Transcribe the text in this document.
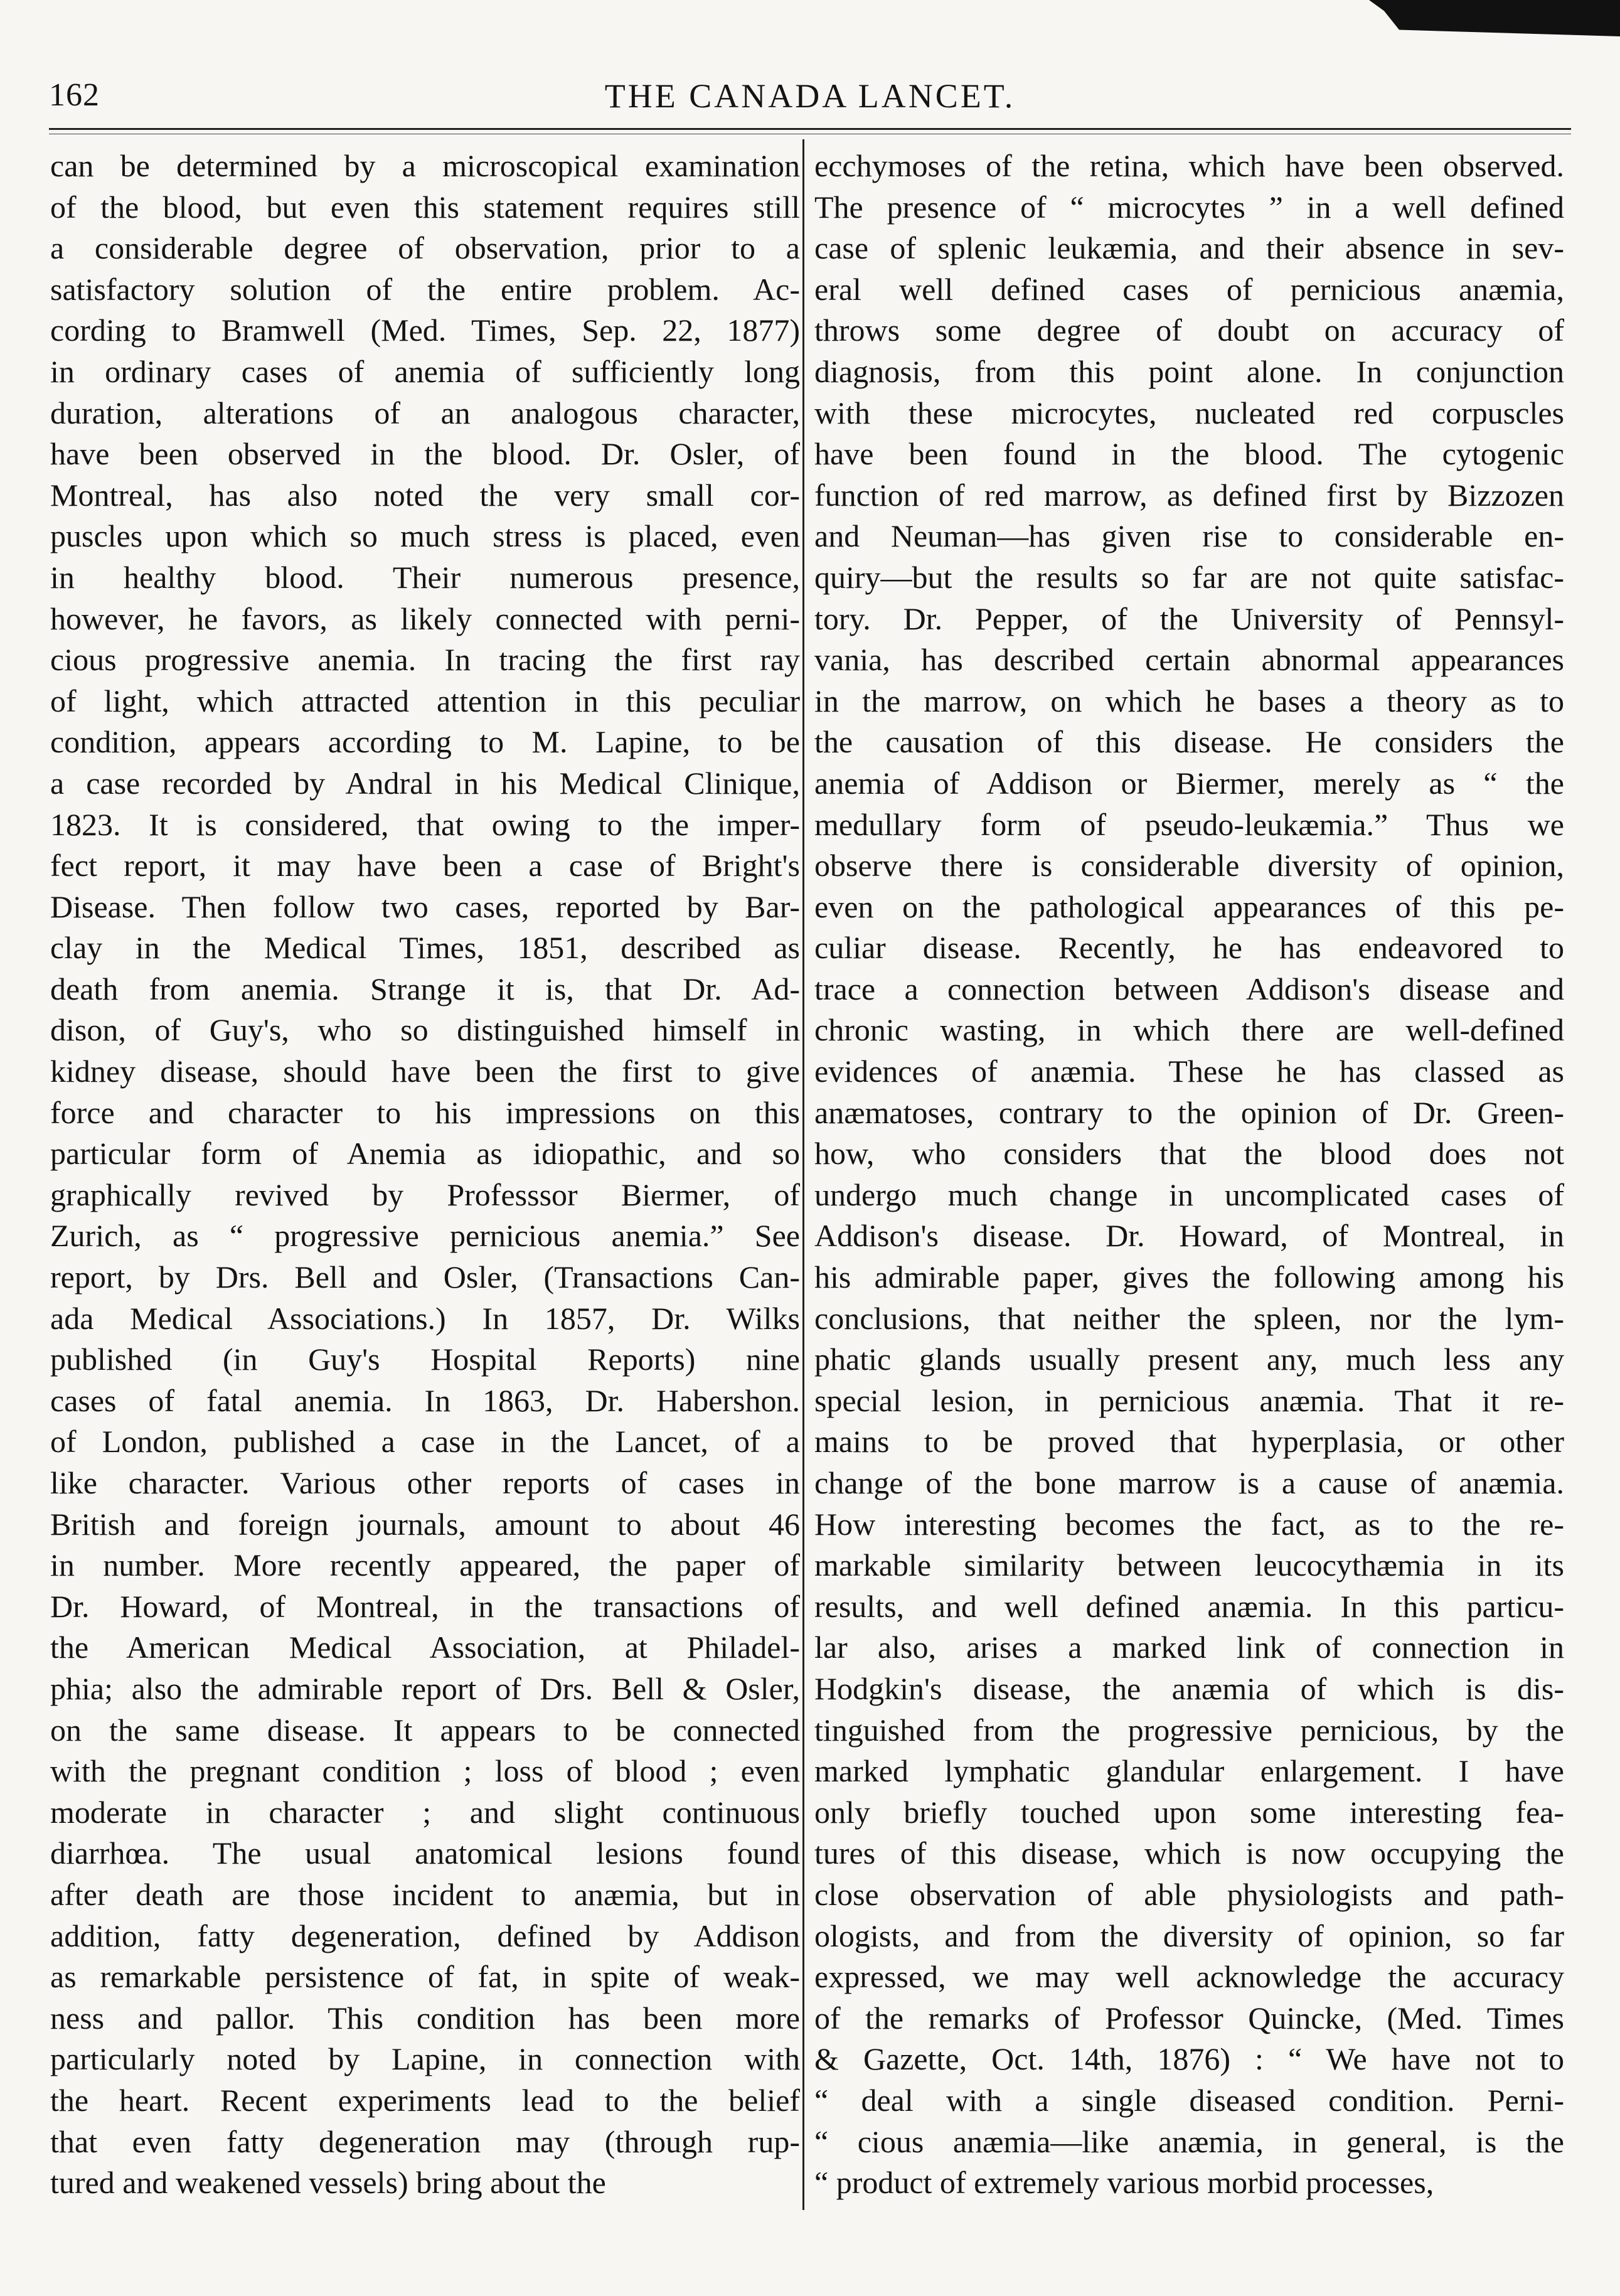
162	THE CANADA LANCET.
can be determined by a microscopical examination
of the blood, but even this statement requires still
a considerable degree of observation, prior to a
satisfactory solution of the entire problem. Ac-
cording to Bramwell (Med. Times, Sep. 22, 1877)
in ordinary cases of anemia of sufficiently long
duration, alterations of an analogous character,
have been observed in the blood. Dr. Osler, of
Montreal, has also noted the very small cor-
puscles upon which so much stress is placed, even
in healthy blood. Their numerous presence,
however, he favors, as likely connected with perni-
cious progressive anemia. In tracing the first ray
of light, which attracted attention in this peculiar
condition, appears according to M. Lapine, to be
a case recorded by Andral in his Medical Clinique,
1823. It is considered, that owing to the imper-
fect report, it may have been a case of Bright's
Disease. Then follow two cases, reported by Bar-
clay in the Medical Times, 1851, described as
death from anemia. Strange it is, that Dr. Ad-
dison, of Guy's, who so distinguished himself in
kidney disease, should have been the first to give
force and character to his impressions on this
particular form of Anemia as idiopathic, and so
graphically revived by Professsor Biermer, of
Zurich, as “ progressive pernicious anemia.” See
report, by Drs. Bell and Osler, (Transactions Can-
ada Medical Associations.) In 1857, Dr. Wilks
published (in Guy's Hospital Reports) nine
cases of fatal anemia. In 1863, Dr. Habershon.
of London, published a case in the Lancet, of a
like character. Various other reports of cases in
British and foreign journals, amount to about 46
in number. More recently appeared, the paper of
Dr. Howard, of Montreal, in the transactions of
the American Medical Association, at Philadel-
phia; also the admirable report of Drs. Bell & Osler,
on the same disease. It appears to be connected
with the pregnant condition ; loss of blood ; even
moderate in character ; and slight continuous
diarrhœa. The usual anatomical lesions found
after death are those incident to anæmia, but in
addition, fatty degeneration, defined by Addison
as remarkable persistence of fat, in spite of weak-
ness and pallor. This condition has been more
particularly noted by Lapine, in connection with
the heart. Recent experiments lead to the belief
that even fatty degeneration may (through rup-
tured and weakened vessels) bring about the
ecchymoses of the retina, which have been observed.
The presence of “ microcytes ” in a well defined
case of splenic leukæmia, and their absence in sev-
eral well defined cases of pernicious anæmia,
throws some degree of doubt on accuracy of
diagnosis, from this point alone. In conjunction
with these microcytes, nucleated red corpuscles
have been found in the blood. The cytogenic
function of red marrow, as defined first by Bizzozen
and Neuman—has given rise to considerable en-
quiry—but the results so far are not quite satisfac-
tory. Dr. Pepper, of the University of Pennsyl-
vania, has described certain abnormal appearances
in the marrow, on which he bases a theory as to
the causation of this disease. He considers the
anemia of Addison or Biermer, merely as “ the
medullary form of pseudo-leukæmia.” Thus we
observe there is considerable diversity of opinion,
even on the pathological appearances of this pe-
culiar disease. Recently, he has endeavored to
trace a connection between Addison's disease and
chronic wasting, in which there are well-defined
evidences of anæmia. These he has classed as
anæmatoses, contrary to the opinion of Dr. Green-
how, who considers that the blood does not
undergo much change in uncomplicated cases of
Addison's disease. Dr. Howard, of Montreal, in
his admirable paper, gives the following among his
conclusions, that neither the spleen, nor the lym-
phatic glands usually present any, much less any
special lesion, in pernicious anæmia. That it re-
mains to be proved that hyperplasia, or other
change of the bone marrow is a cause of anæmia.
How interesting becomes the fact, as to the re-
markable similarity between leucocythæmia in its
results, and well defined anæmia. In this particu-
lar also, arises a marked link of connection in
Hodgkin's disease, the anæmia of which is dis-
tinguished from the progressive pernicious, by the
marked lymphatic glandular enlargement. I have
only briefly touched upon some interesting fea-
tures of this disease, which is now occupying the
close observation of able physiologists and path-
ologists, and from the diversity of opinion, so far
expressed, we may well acknowledge the accuracy
of the remarks of Professor Quincke, (Med. Times
& Gazette, Oct. 14th, 1876) : “ We have not to
“ deal with a single diseased condition. Perni-
“ cious anæmia—like anæmia, in general, is the
“ product of extremely various morbid processes,
